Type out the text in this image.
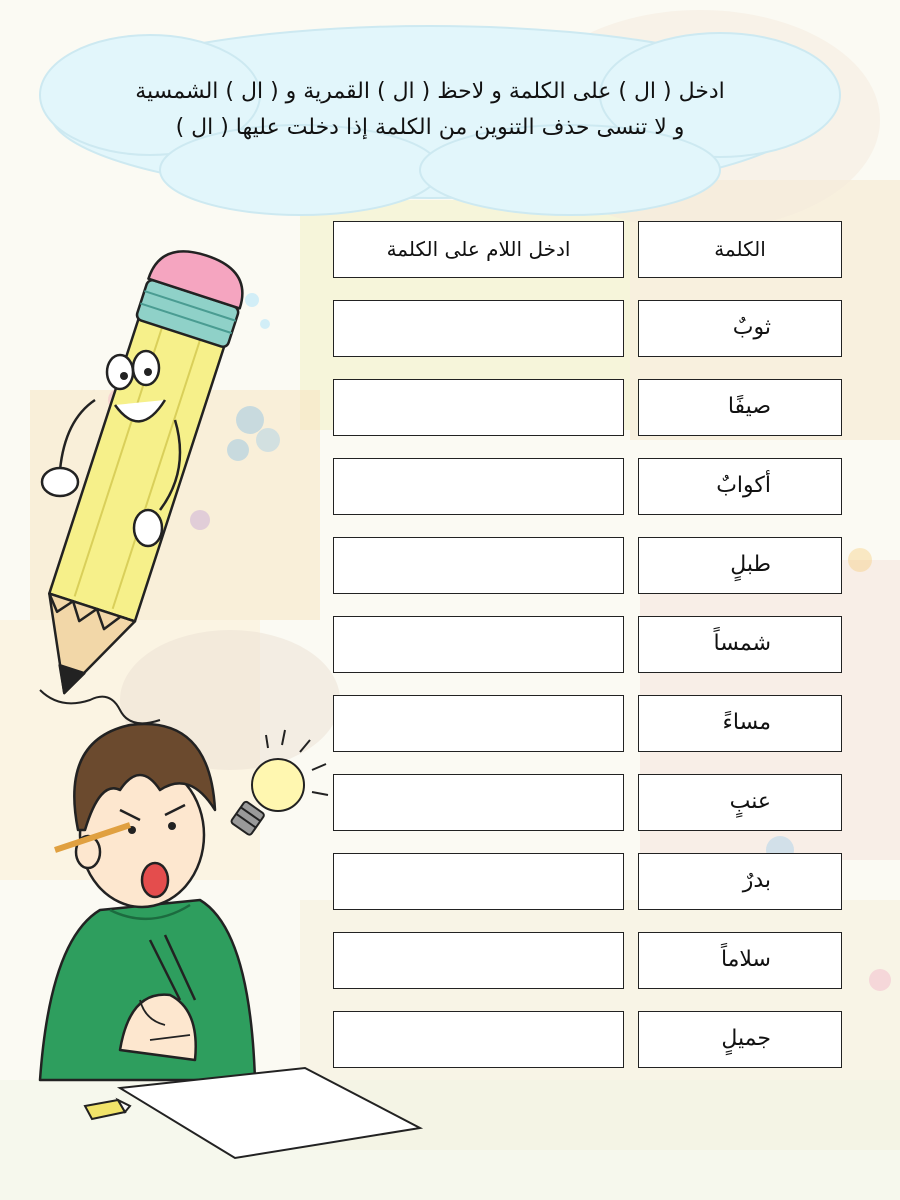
ادخل ( ال ) على الكلمة و لاحظ ( ال ) القمرية و ( ال ) الشمسية
و لا تنسى حذف التنوين من الكلمة إذا دخلت عليها ( ال )
الكلمة
ادخل اللام على الكلمة
ثوبٌ
صيفًا
أكوابٌ
طبلٍ
شمساً
مساءً
عنبٍ
بدرٌ
سلاماً
جميلٍ
